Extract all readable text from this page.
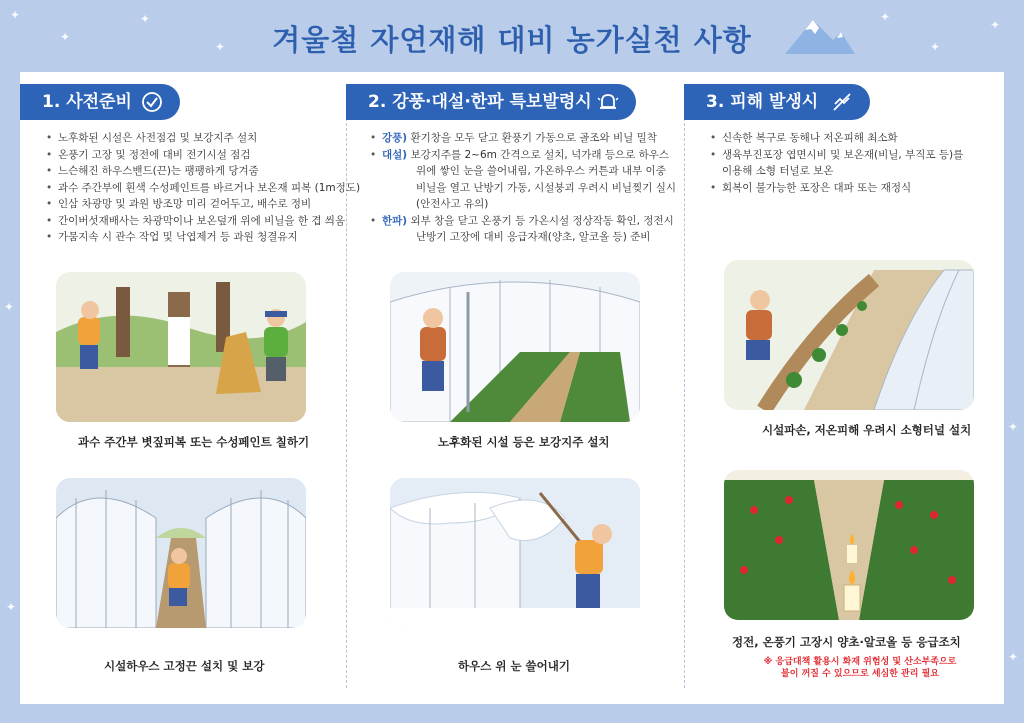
✦
✦
✦
✦
✦
✦
✦
✦
✦
✦
✦
겨울철 자연재해 대비 농가실천 사항
1. 사전준비
• 노후화된 시설은 사전점검 및 보강지주 설치
• 온풍기 고장 및 정전에 대비 전기시설 점검
• 느슨해진 하우스밴드(끈)는 팽팽하게 당겨줌
• 과수 주간부에 흰색 수성페인트를 바르거나 보온재 피복 (1m정도)
• 인삼 차광망 및 과원 방조망 미리 걷어두고, 배수로 정비
• 간이버섯재배사는 차광막이나 보온덮개 위에 비닐을 한 겹 씌움
• 가뭄지속 시 관수 작업 및 낙엽제거 등 과원 청결유지
과수 주간부 볏짚피복 또는 수성페인트 칠하기
시설하우스 고정끈 설치 및 보강
2. 강풍·대설·한파 특보발령시
• 강풍) 환기창을 모두 닫고 환풍기 가동으로 골조와 비닐 밀착
• 대설) 보강지주를 2~6m 간격으로 설치, 넉가래 등으로 하우스
위에 쌓인 눈을 쓸어내림, 가온하우스 커튼과 내부 이중
비닐을 열고 난방기 가동, 시설붕괴 우려시 비닐찢기 실시
(안전사고 유의)
• 한파) 외부 창을 닫고 온풍기 등 가온시설 정상작동 확인, 정전시
난방기 고장에 대비 응급자재(양초, 알코올 등) 준비
노후화된 시설 등은 보강지주 설치
하우스 위 눈 쓸어내기
3. 피해 발생시
• 신속한 복구로 동해나 저온피해 최소화
• 생육부진포장 엽면시비 및 보온재(비닐, 부직포 등)를
이용해 소형 터널로 보온
• 회복이 불가능한 포장은 대파 또는 재정식
시설파손, 저온피해 우려시 소형터널 설치
정전, 온풍기 고장시 양초·알코올 등 응급조치
※ 응급대책 활용시 화재 위험성 및 산소부족으로
불이 꺼질 수 있으므로 세심한 관리 필요
